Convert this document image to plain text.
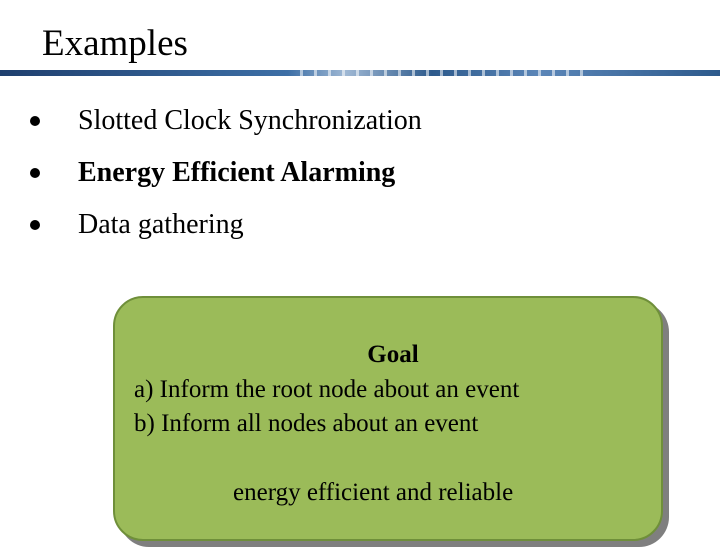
Examples
Slotted Clock Synchronization
Energy Efficient Alarming
Data gathering
Goal
a) Inform the root node about an event
b) Inform all nodes about an event
energy efficient and reliable
